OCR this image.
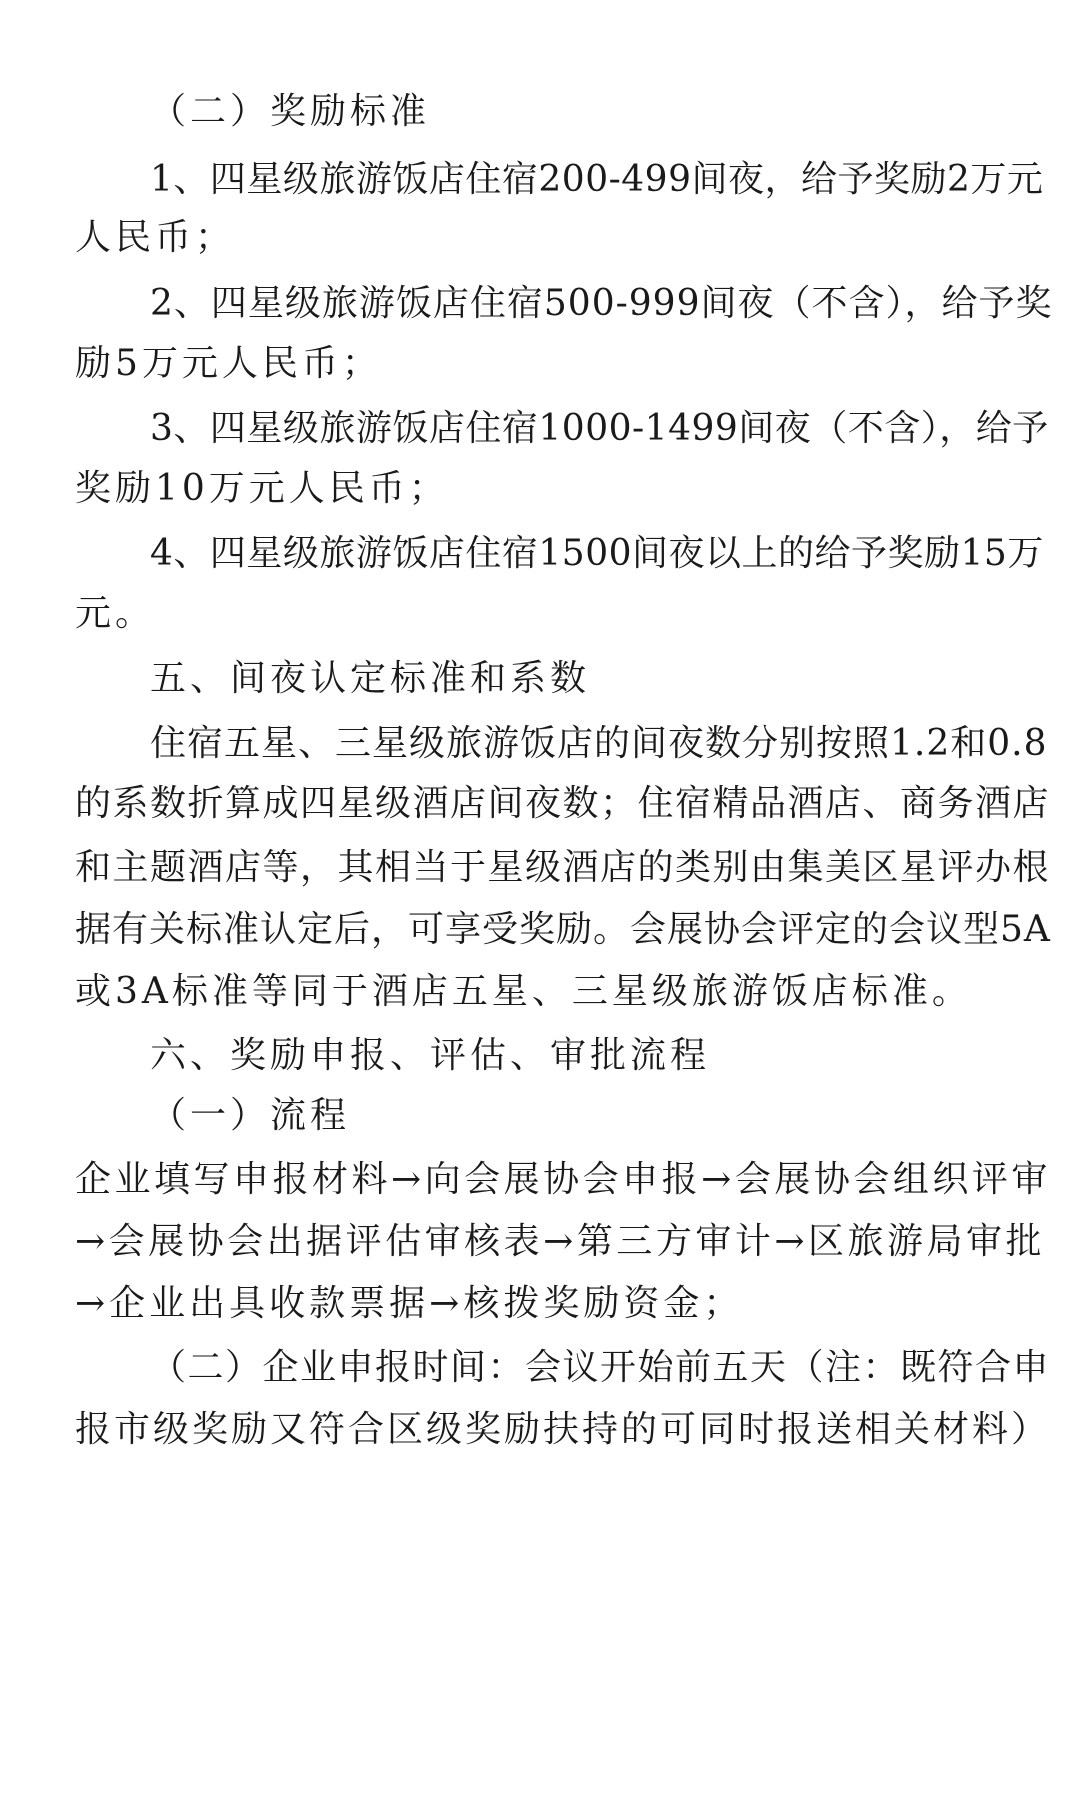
（二）奖励标准
1、四星级旅游饭店住宿200-499间夜，给予奖励2万元
人民币；
2、四星级旅游饭店住宿500-999间夜（不含），给予奖
励5万元人民币；
3、四星级旅游饭店住宿1000-1499间夜（不含），给予
奖励10万元人民币；
4、四星级旅游饭店住宿1500间夜以上的给予奖励15万
元。
五、间夜认定标准和系数
住宿五星、三星级旅游饭店的间夜数分别按照1.2和0.8
的系数折算成四星级酒店间夜数；住宿精品酒店、商务酒店
和主题酒店等，其相当于星级酒店的类别由集美区星评办根
据有关标准认定后，可享受奖励。会展协会评定的会议型5A
或3A标准等同于酒店五星、三星级旅游饭店标准。
六、奖励申报、评估、审批流程
（一）流程
企业填写申报材料→向会展协会申报→会展协会组织评审
→会展协会出据评估审核表→第三方审计→区旅游局审批
→企业出具收款票据→核拨奖励资金；
（二）企业申报时间：会议开始前五天（注：既符合申
报市级奖励又符合区级奖励扶持的可同时报送相关材料）
